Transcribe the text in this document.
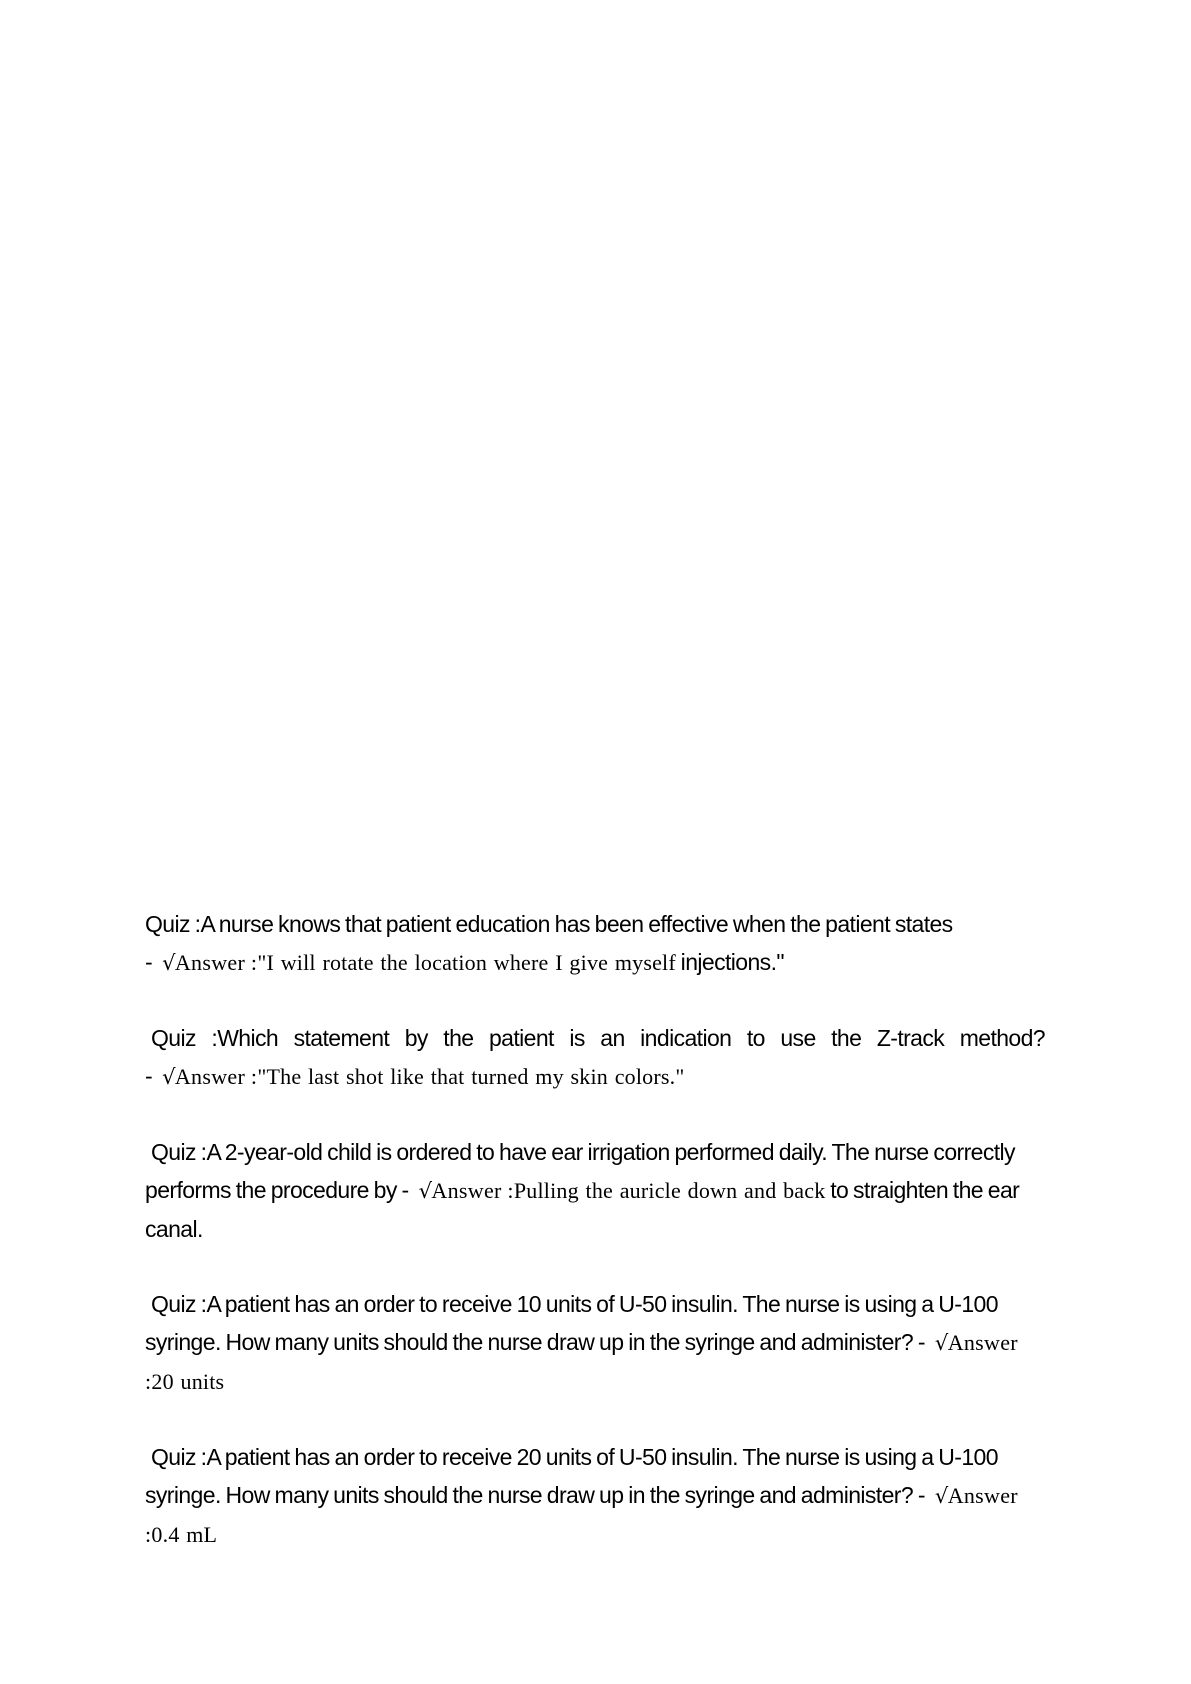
Quiz :A nurse knows that patient education has been effective when the patient states - √Answer :"I will rotate the location where I give myself injections."

Quiz :Which statement by the patient is an indication to use the Z-track method? - √Answer :"The last shot like that turned my skin colors."

Quiz :A 2-year-old child is ordered to have ear irrigation performed daily. The nurse correctly performs the procedure by - √Answer :Pulling the auricle down and back to straighten the ear canal.

Quiz :A patient has an order to receive 10 units of U-50 insulin. The nurse is using a U-100 syringe. How many units should the nurse draw up in the syringe and administer? - √Answer :20 units

Quiz :A patient has an order to receive 20 units of U-50 insulin. The nurse is using a U-100 syringe. How many units should the nurse draw up in the syringe and administer? - √Answer :0.4 mL
